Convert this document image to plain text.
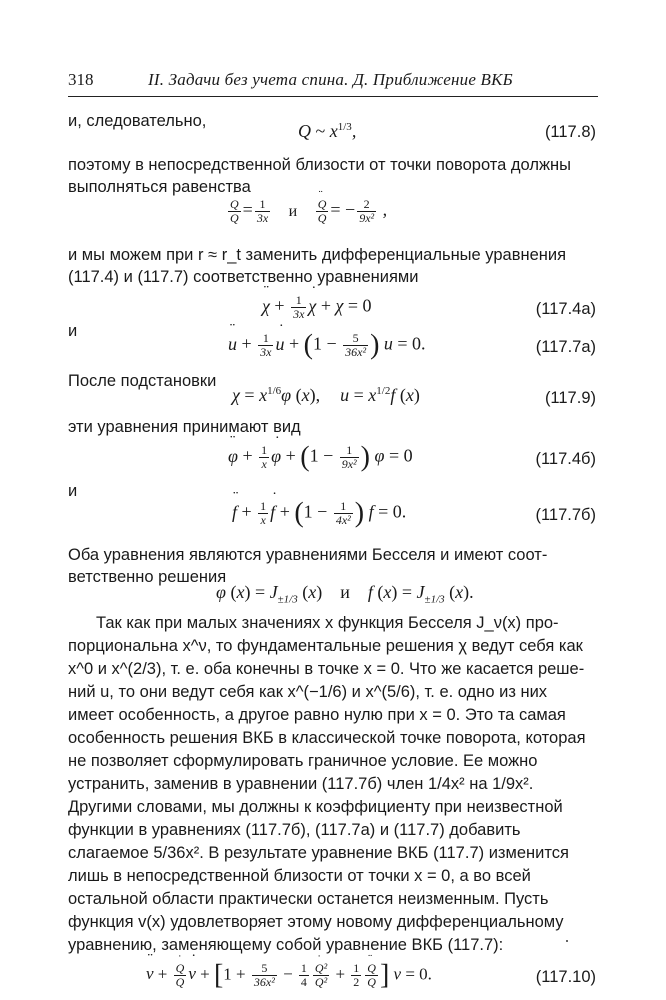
318	II. Задачи без учета спина. Д. Приближение ВКБ
и, следовательно,	Q ~ $x^{1/3}$,	(117.8)
поэтому в непосредственной близости от точки поворота должны
выполняться равенства
˙ $\frac{Q}{Q} = \frac{1}{3x}$ и ¨ $\frac{Q}{Q}$ = − $\frac{2}{\text{9x²}}$ ,
и мы можем при r ≈ r_t заменить дифференциальные уравнения
(117.4) и (117.7) соответственно уравнениями
¨ $\chi + \frac{1}{3x}$ ˙ χ + χ = 0	(117.4а)
и
¨ $u + \frac{1}{3x}$ ˙ $u + (1 - \frac{5}{\text{36x²}}$ ) u = 0.	(117.7а)
После подстановки
$\chi = x^{1/6}\varphi$ (x), $u = x^{1/2}f$ (x)	(117.9)
эти уравнения принимают вид
¨ $\varphi + \frac{1}{x}$ ˙ $\varphi + (1 - \frac{1}{\text{9x²}}$ ) φ = 0	(117.4б)
и
¨ $f + \frac{1}{x}$ ˙ $f + (1 - \frac{1}{\text{4x²}}$ ) f = 0.	(117.7б)
Оба уравнения являются уравнениями Бесселя и имеют соот-
ветственно решения
φ $(x) = J_{\pm 1/3}$ (x) и f $(x) = J_{\pm 1/3}$ (x).
Так как при малых значениях x функция Бесселя J_ν(x) про-
порциональна x^ν, то фундаментальные решения χ ведут себя как
x^0 и x^(2/3), т. е. оба конечны в точке x = 0. Что же касается реше-
ний u, то они ведут себя как x^(−1/6) и x^(5/6), т. е. одно из них
имеет особенность, а другое равно нулю при x = 0. Это та самая
особенность решения ВКБ в классической точке поворота, которая
не позволяет сформулировать граничное условие. Ее можно
устранить, заменив в уравнении (117.7б) член 1/4x² на 1/9x².
Другими словами, мы должны к коэффициенту при неизвестной
функции в уравнениях (117.7б), (117.7а) и (117.7) добавить
слагаемое 5/36x². В результате уравнение ВКБ (117.7) изменится
лишь в непосредственной близости от точки x = 0, а во всей
остальной области практически останется неизменным. Пусть
функция v(x) удовлетворяет этому новому дифференциальному
уравнению, заменяющему собой уравнение ВКБ (117.7):
¨ v + ˙ $\frac{Q}{Q}$ ˙ $v + [1 + \frac{5}{\text{36x²}} - \frac{1}{4}$ ˙ $\frac{\text{Q²}}{\text{Q²}} + \frac{1}{2}$ ¨ $\frac{Q}{Q}$ ] v = 0.	(117.10)
